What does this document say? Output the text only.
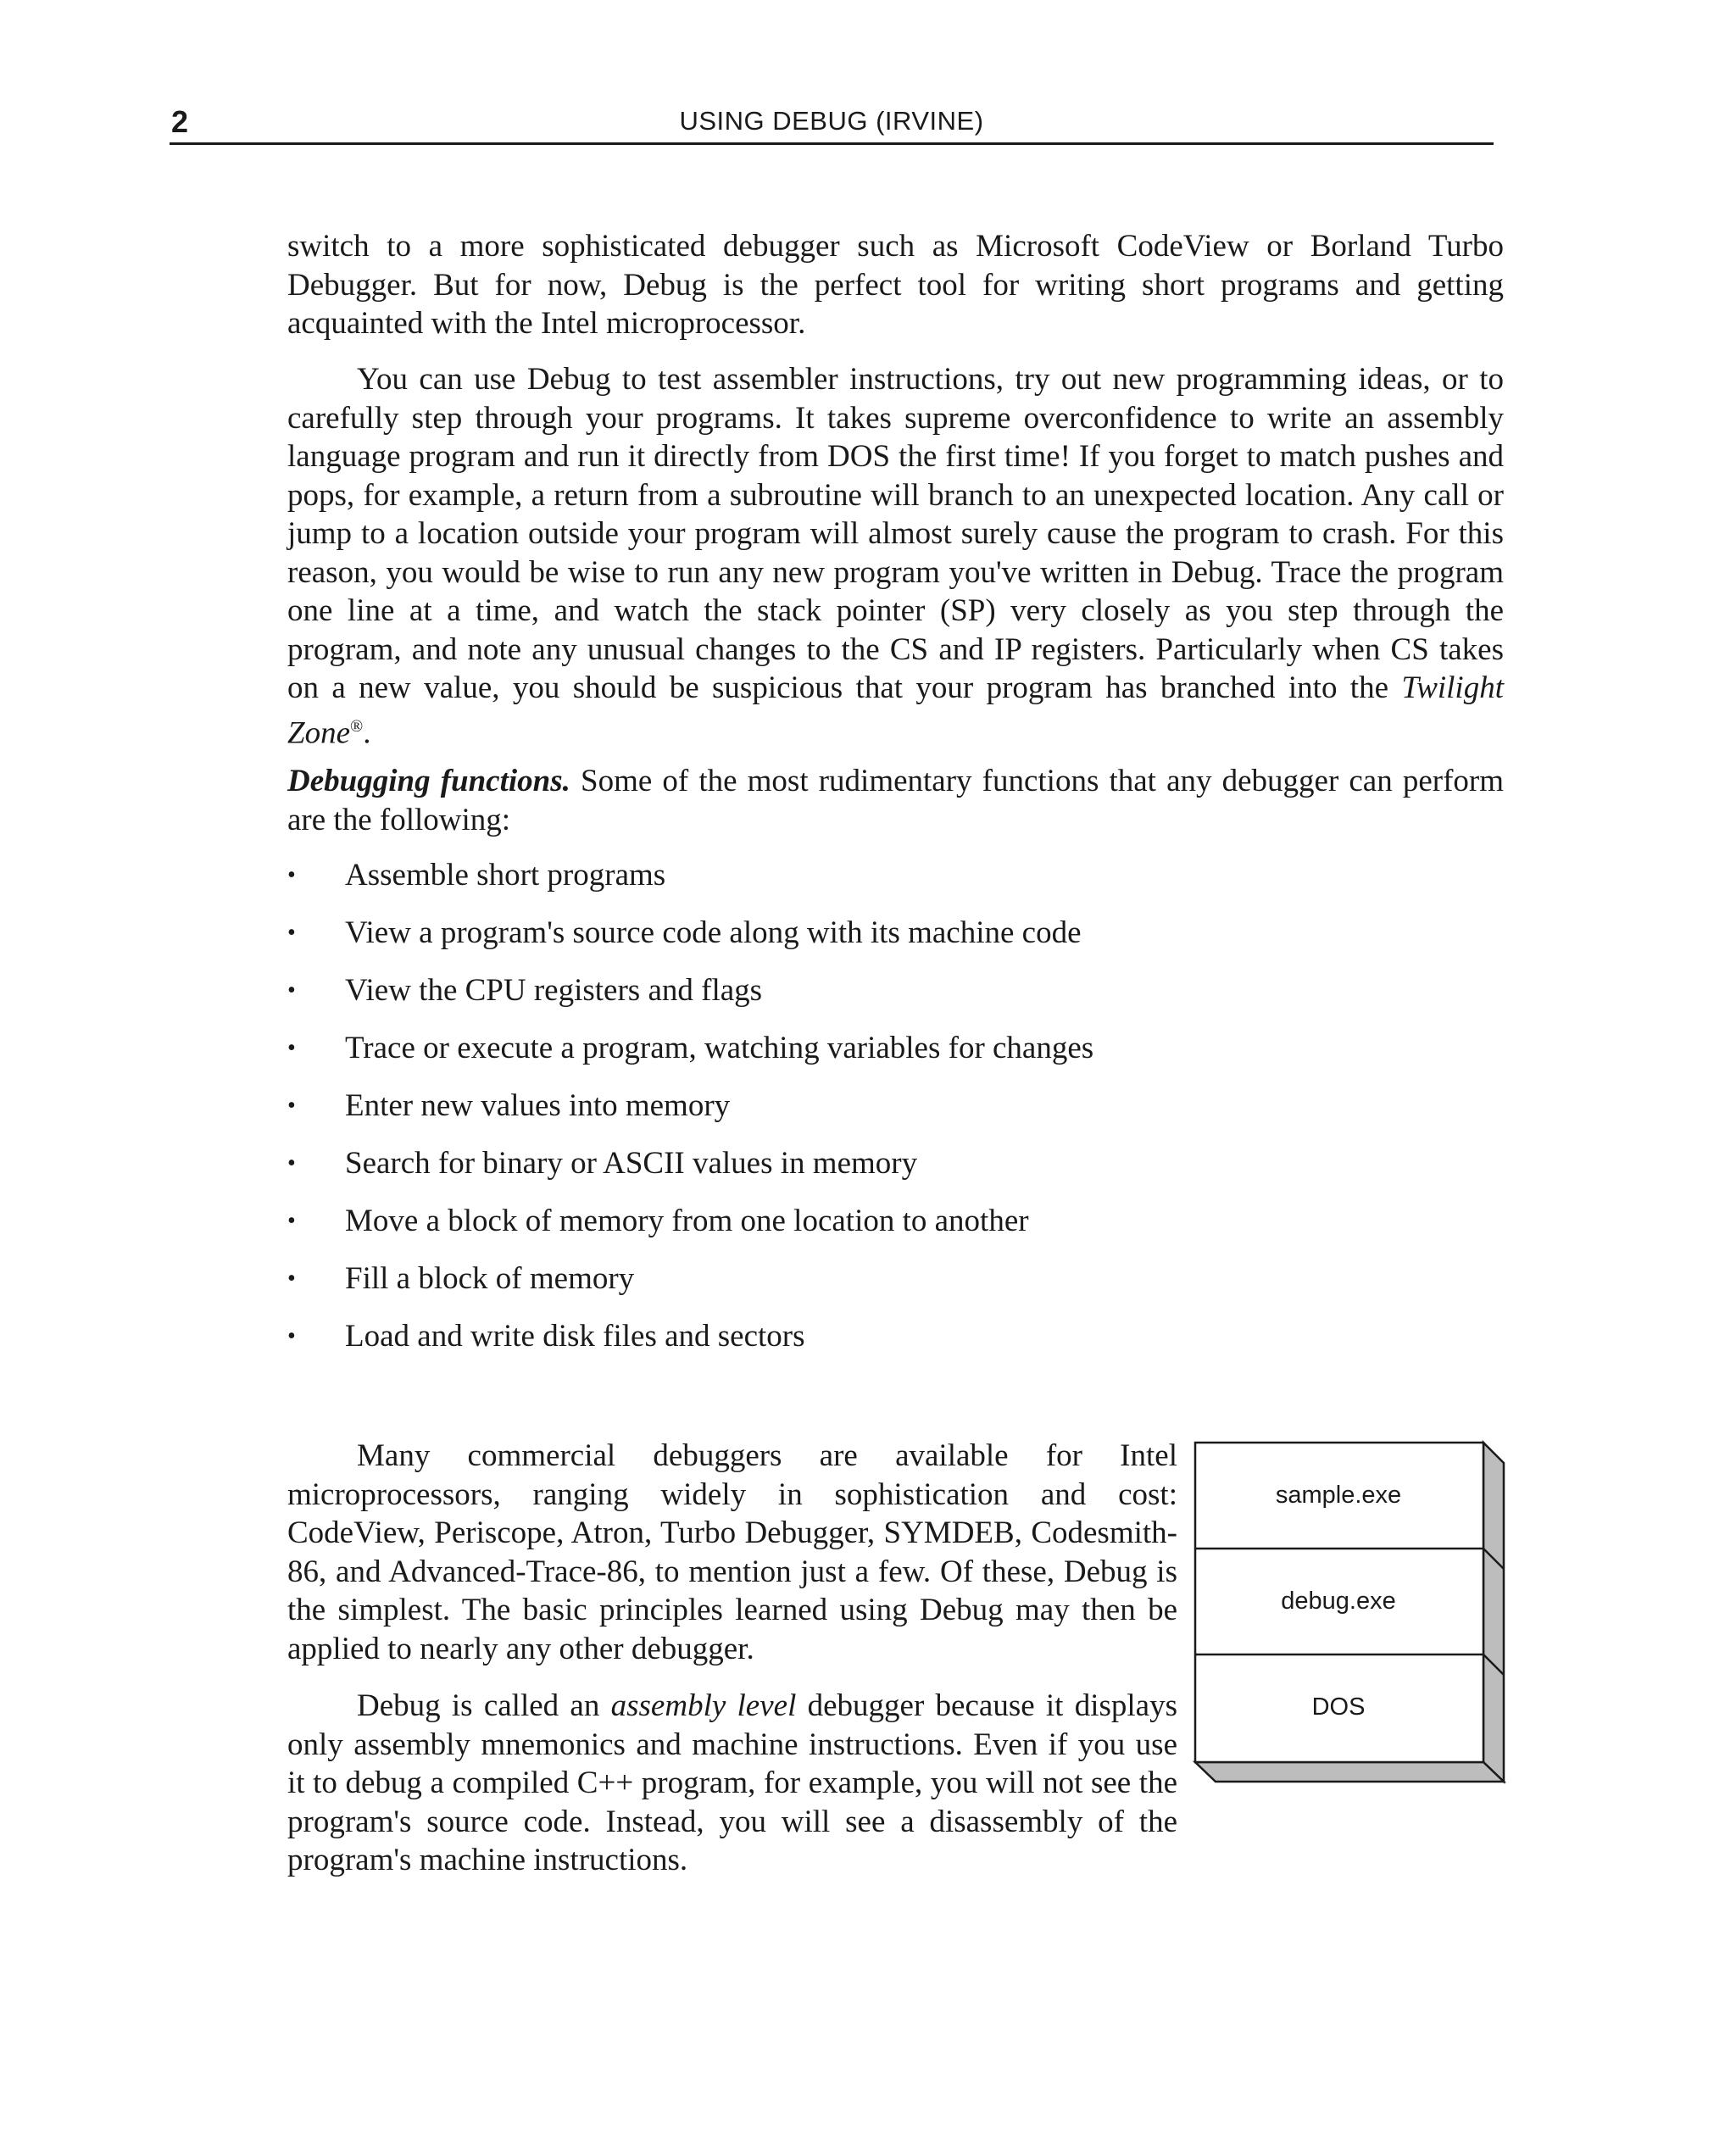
2	USING DEBUG (IRVINE)

switch to a more sophisticated debugger such as Microsoft CodeView or Borland Turbo Debugger. But for now, Debug is the perfect tool for writing short programs and getting acquainted with the Intel microprocessor.

You can use Debug to test assembler instructions, try out new programming ideas, or to carefully step through your programs. It takes supreme overconfidence to write an assembly language program and run it directly from DOS the first time! If you forget to match pushes and pops, for example, a return from a subroutine will branch to an unexpected location. Any call or jump to a location outside your program will almost surely cause the program to crash. For this reason, you would be wise to run any new program you've written in Debug. Trace the program one line at a time, and watch the stack pointer (SP) very closely as you step through the program, and note any unusual changes to the CS and IP registers. Particularly when CS takes on a new value, you should be suspicious that your program has branched into the Twilight Zone®.

Debugging functions. Some of the most rudimentary functions that any debugger can perform are the following:

• Assemble short programs
• View a program's source code along with its machine code
• View the CPU registers and flags
• Trace or execute a program, watching variables for changes
• Enter new values into memory
• Search for binary or ASCII values in memory
• Move a block of memory from one location to another
• Fill a block of memory
• Load and write disk files and sectors

Many commercial debuggers are available for Intel microprocessors, ranging widely in sophistication and cost: CodeView, Periscope, Atron, Turbo Debugger, SYMDEB, Codesmith-86, and Advanced-Trace-86, to mention just a few. Of these, Debug is the simplest. The basic principles learned using Debug may then be applied to nearly any other debugger.

Debug is called an assembly level debugger because it displays only assembly mnemonics and machine instructions. Even if you use it to debug a compiled C++ program, for example, you will not see the program's source code. Instead, you will see a disassembly of the program's machine instructions.

sample.exe
debug.exe
DOS
